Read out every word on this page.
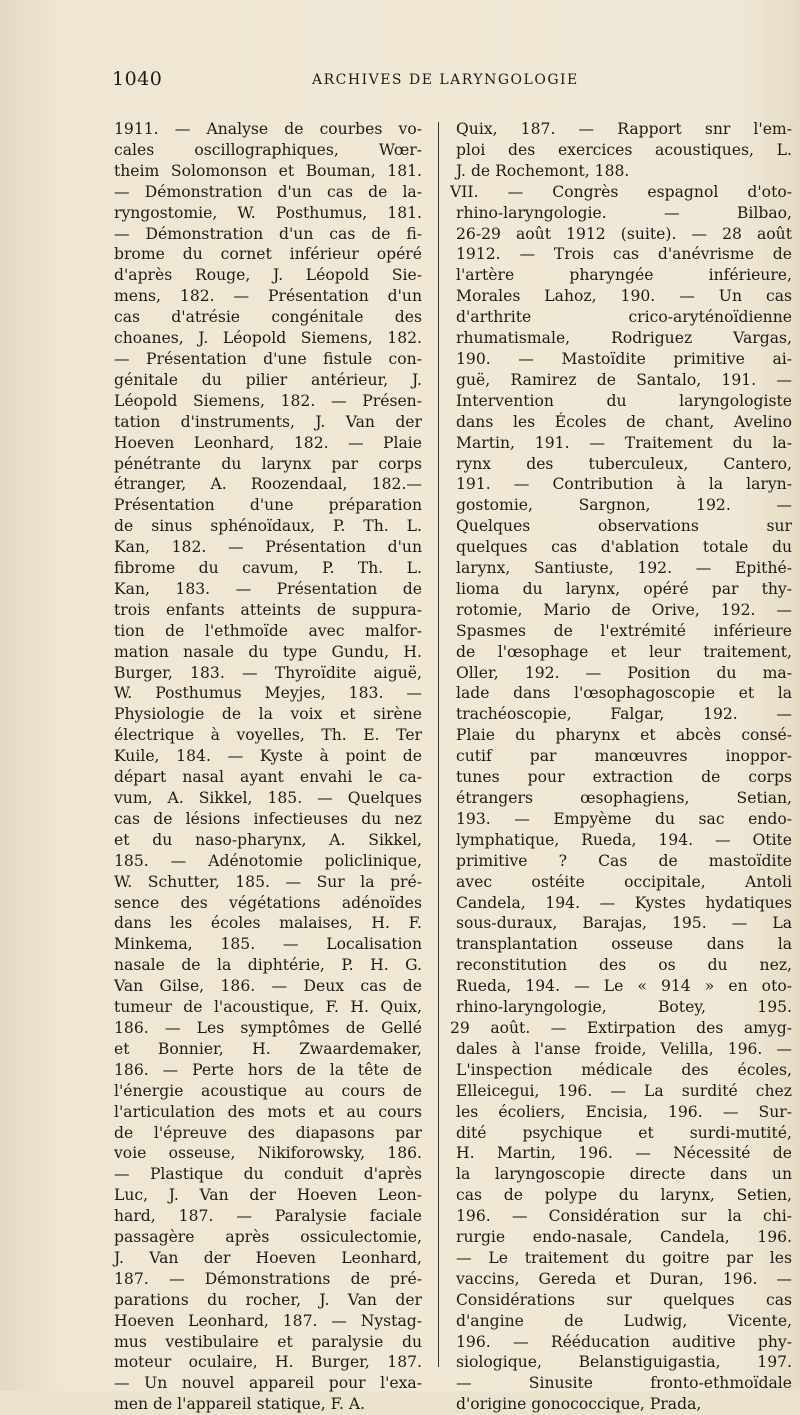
1040	ARCHIVES DE LARYNGOLOGIE
1911. — Analyse de courbes vo-
cales oscillographiques, Wœr-
theim Solomonson et Bouman, 181.
— Démonstration d'un cas de la-
ryngostomie, W. Posthumus, 181.
— Démonstration d'un cas de fi-
brome du cornet inférieur opéré
d'après Rouge, J. Léopold Sie-
mens, 182. — Présentation d'un
cas d'atrésie congénitale des
choanes, J. Léopold Siemens, 182.
— Présentation d'une fistule con-
génitale du pilier antérieur, J.
Léopold Siemens, 182. — Présen-
tation d'instruments, J. Van der
Hoeven Leonhard, 182. — Plaie
pénétrante du larynx par corps
étranger, A. Roozendaal, 182.—
Présentation d'une préparation
de sinus sphénoïdaux, P. Th. L.
Kan, 182. — Présentation d'un
fibrome du cavum, P. Th. L.
Kan, 183. — Présentation de
trois enfants atteints de suppura-
tion de l'ethmoïde avec malfor-
mation nasale du type Gundu, H.
Burger, 183. — Thyroïdite aiguë,
W. Posthumus Meyjes, 183. —
Physiologie de la voix et sirène
électrique à voyelles, Th. E. Ter
Kuile, 184. — Kyste à point de
départ nasal ayant envahi le ca-
vum, A. Sikkel, 185. — Quelques
cas de lésions infectieuses du nez
et du naso-pharynx, A. Sikkel,
185. — Adénotomie policlinique,
W. Schutter, 185. — Sur la pré-
sence des végétations adénoïdes
dans les écoles malaises, H. F.
Minkema, 185. — Localisation
nasale de la diphtérie, P. H. G.
Van Gilse, 186. — Deux cas de
tumeur de l'acoustique, F. H. Quix,
186. — Les symptômes de Gellé
et Bonnier, H. Zwaardemaker,
186. — Perte hors de la tête de
l'énergie acoustique au cours de
l'articulation des mots et au cours
de l'épreuve des diapasons par
voie osseuse, Nikiforowsky, 186.
— Plastique du conduit d'après
Luc, J. Van der Hoeven Leon-
hard, 187. — Paralysie faciale
passagère après ossiculectomie,
J. Van der Hoeven Leonhard,
187. — Démonstrations de pré-
parations du rocher, J. Van der
Hoeven Leonhard, 187. — Nystag-
mus vestibulaire et paralysie du
moteur oculaire, H. Burger, 187.
— Un nouvel appareil pour l'exa-
men de l'appareil statique, F. A.
Quix, 187. — Rapport snr l'em-
ploi des exercices acoustiques, L.
J. de Rochemont, 188.
VII. — Congrès espagnol d'oto-
rhino-laryngologie. — Bilbao,
26-29 août 1912 (suite). — 28 août
1912. — Trois cas d'anévrisme de
l'artère pharyngée inférieure,
Morales Lahoz, 190. — Un cas
d'arthrite crico-aryténoïdienne
rhumatismale, Rodriguez Vargas,
190. — Mastoïdite primitive ai-
guë, Ramirez de Santalo, 191. —
Intervention du laryngologiste
dans les Écoles de chant, Avelino
Martin, 191. — Traitement du la-
rynx des tuberculeux, Cantero,
191. — Contribution à la laryn-
gostomie, Sargnon, 192. —
Quelques observations sur
quelques cas d'ablation totale du
larynx, Santiuste, 192. — Epithé-
lioma du larynx, opéré par thy-
rotomie, Mario de Orive, 192. —
Spasmes de l'extrémité inférieure
de l'œsophage et leur traitement,
Oller, 192. — Position du ma-
lade dans l'œsophagoscopie et la
trachéoscopie, Falgar, 192. —
Plaie du pharynx et abcès consé-
cutif par manœuvres inoppor-
tunes pour extraction de corps
étrangers œsophagiens, Setian,
193. — Empyème du sac endo-
lymphatique, Rueda, 194. — Otite
primitive ? Cas de mastoïdite
avec ostéite occipitale, Antoli
Candela, 194. — Kystes hydatiques
sous-duraux, Barajas, 195. — La
transplantation osseuse dans la
reconstitution des os du nez,
Rueda, 194. — Le « 914 » en oto-
rhino-laryngologie, Botey, 195.
29 août. — Extirpation des amyg-
dales à l'anse froide, Velilla, 196. —
L'inspection médicale des écoles,
Elleicegui, 196. — La surdité chez
les écoliers, Encisia, 196. — Sur-
dité psychique et surdi-mutité,
H. Martin, 196. — Nécessité de
la laryngoscopie directe dans un
cas de polype du larynx, Setien,
196. — Considération sur la chi-
rurgie endo-nasale, Candela, 196.
— Le traitement du goitre par les
vaccins, Gereda et Duran, 196. —
Considérations sur quelques cas
d'angine de Ludwig, Vicente,
196. — Rééducation auditive phy-
siologique, Belanstiguigastia, 197.
— Sinusite fronto-ethmoïdale
d'origine gonococcique, Prada,
